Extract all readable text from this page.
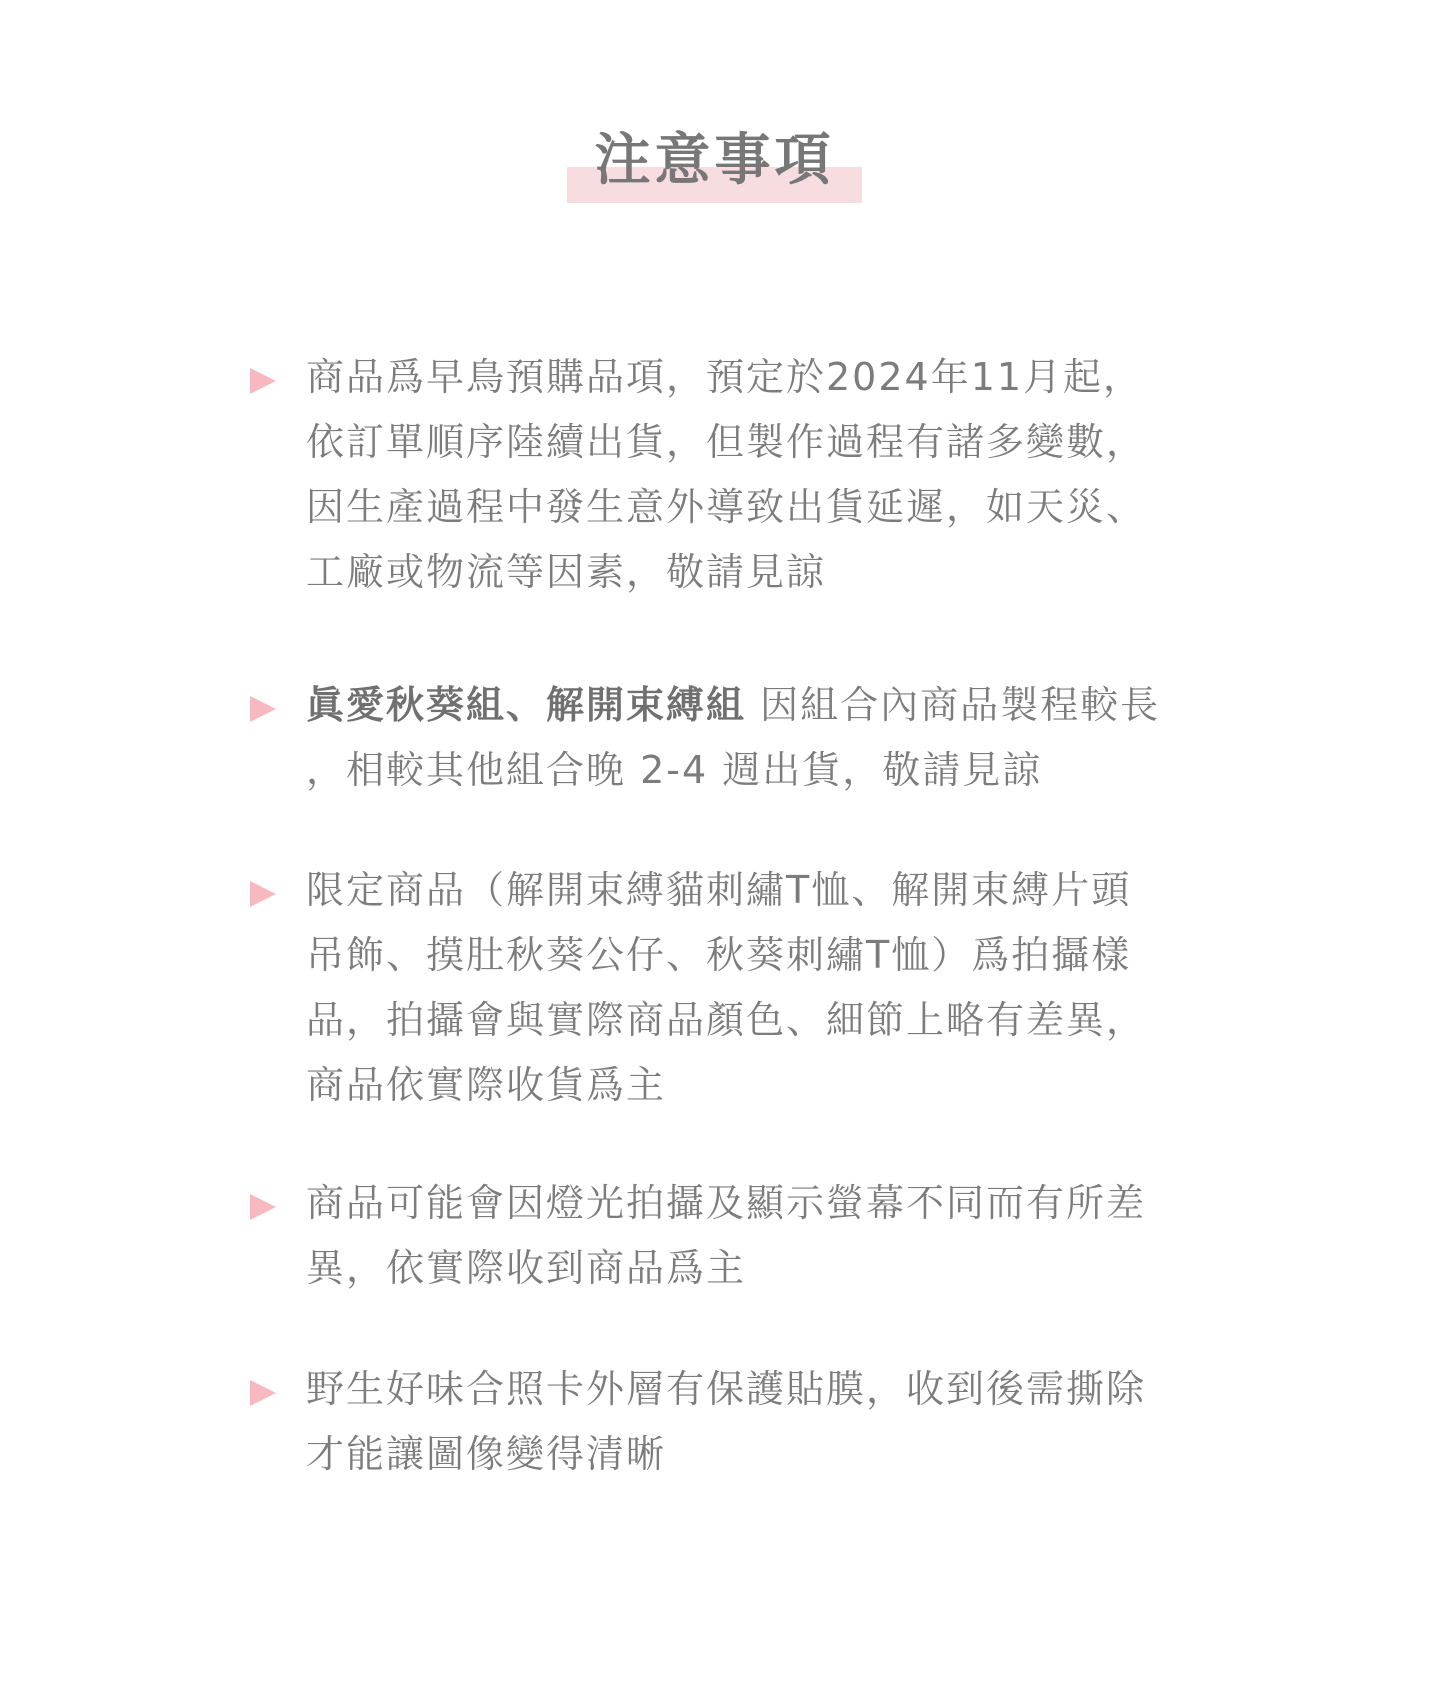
注意事項

商品爲早鳥預購品項，預定於2024年11月起，

依訂單順序陸續出貨，但製作過程有諸多變數，

因生產過程中發生意外導致出貨延遲，如天災、

工廠或物流等因素，敬請見諒

眞愛秋葵組、解開束縛組 因組合內商品製程較長

，相較其他組合晚 2-4 週出貨，敬請見諒

限定商品（解開束縛貓刺繡T恤、解開束縛片頭

吊飾、摸肚秋葵公仔、秋葵刺繡T恤）爲拍攝樣

品，拍攝會與實際商品顏色、細節上略有差異，

商品依實際收貨爲主

商品可能會因燈光拍攝及顯示螢幕不同而有所差

異，依實際收到商品爲主

野生好味合照卡外層有保護貼膜，收到後需撕除

才能讓圖像變得清晰
